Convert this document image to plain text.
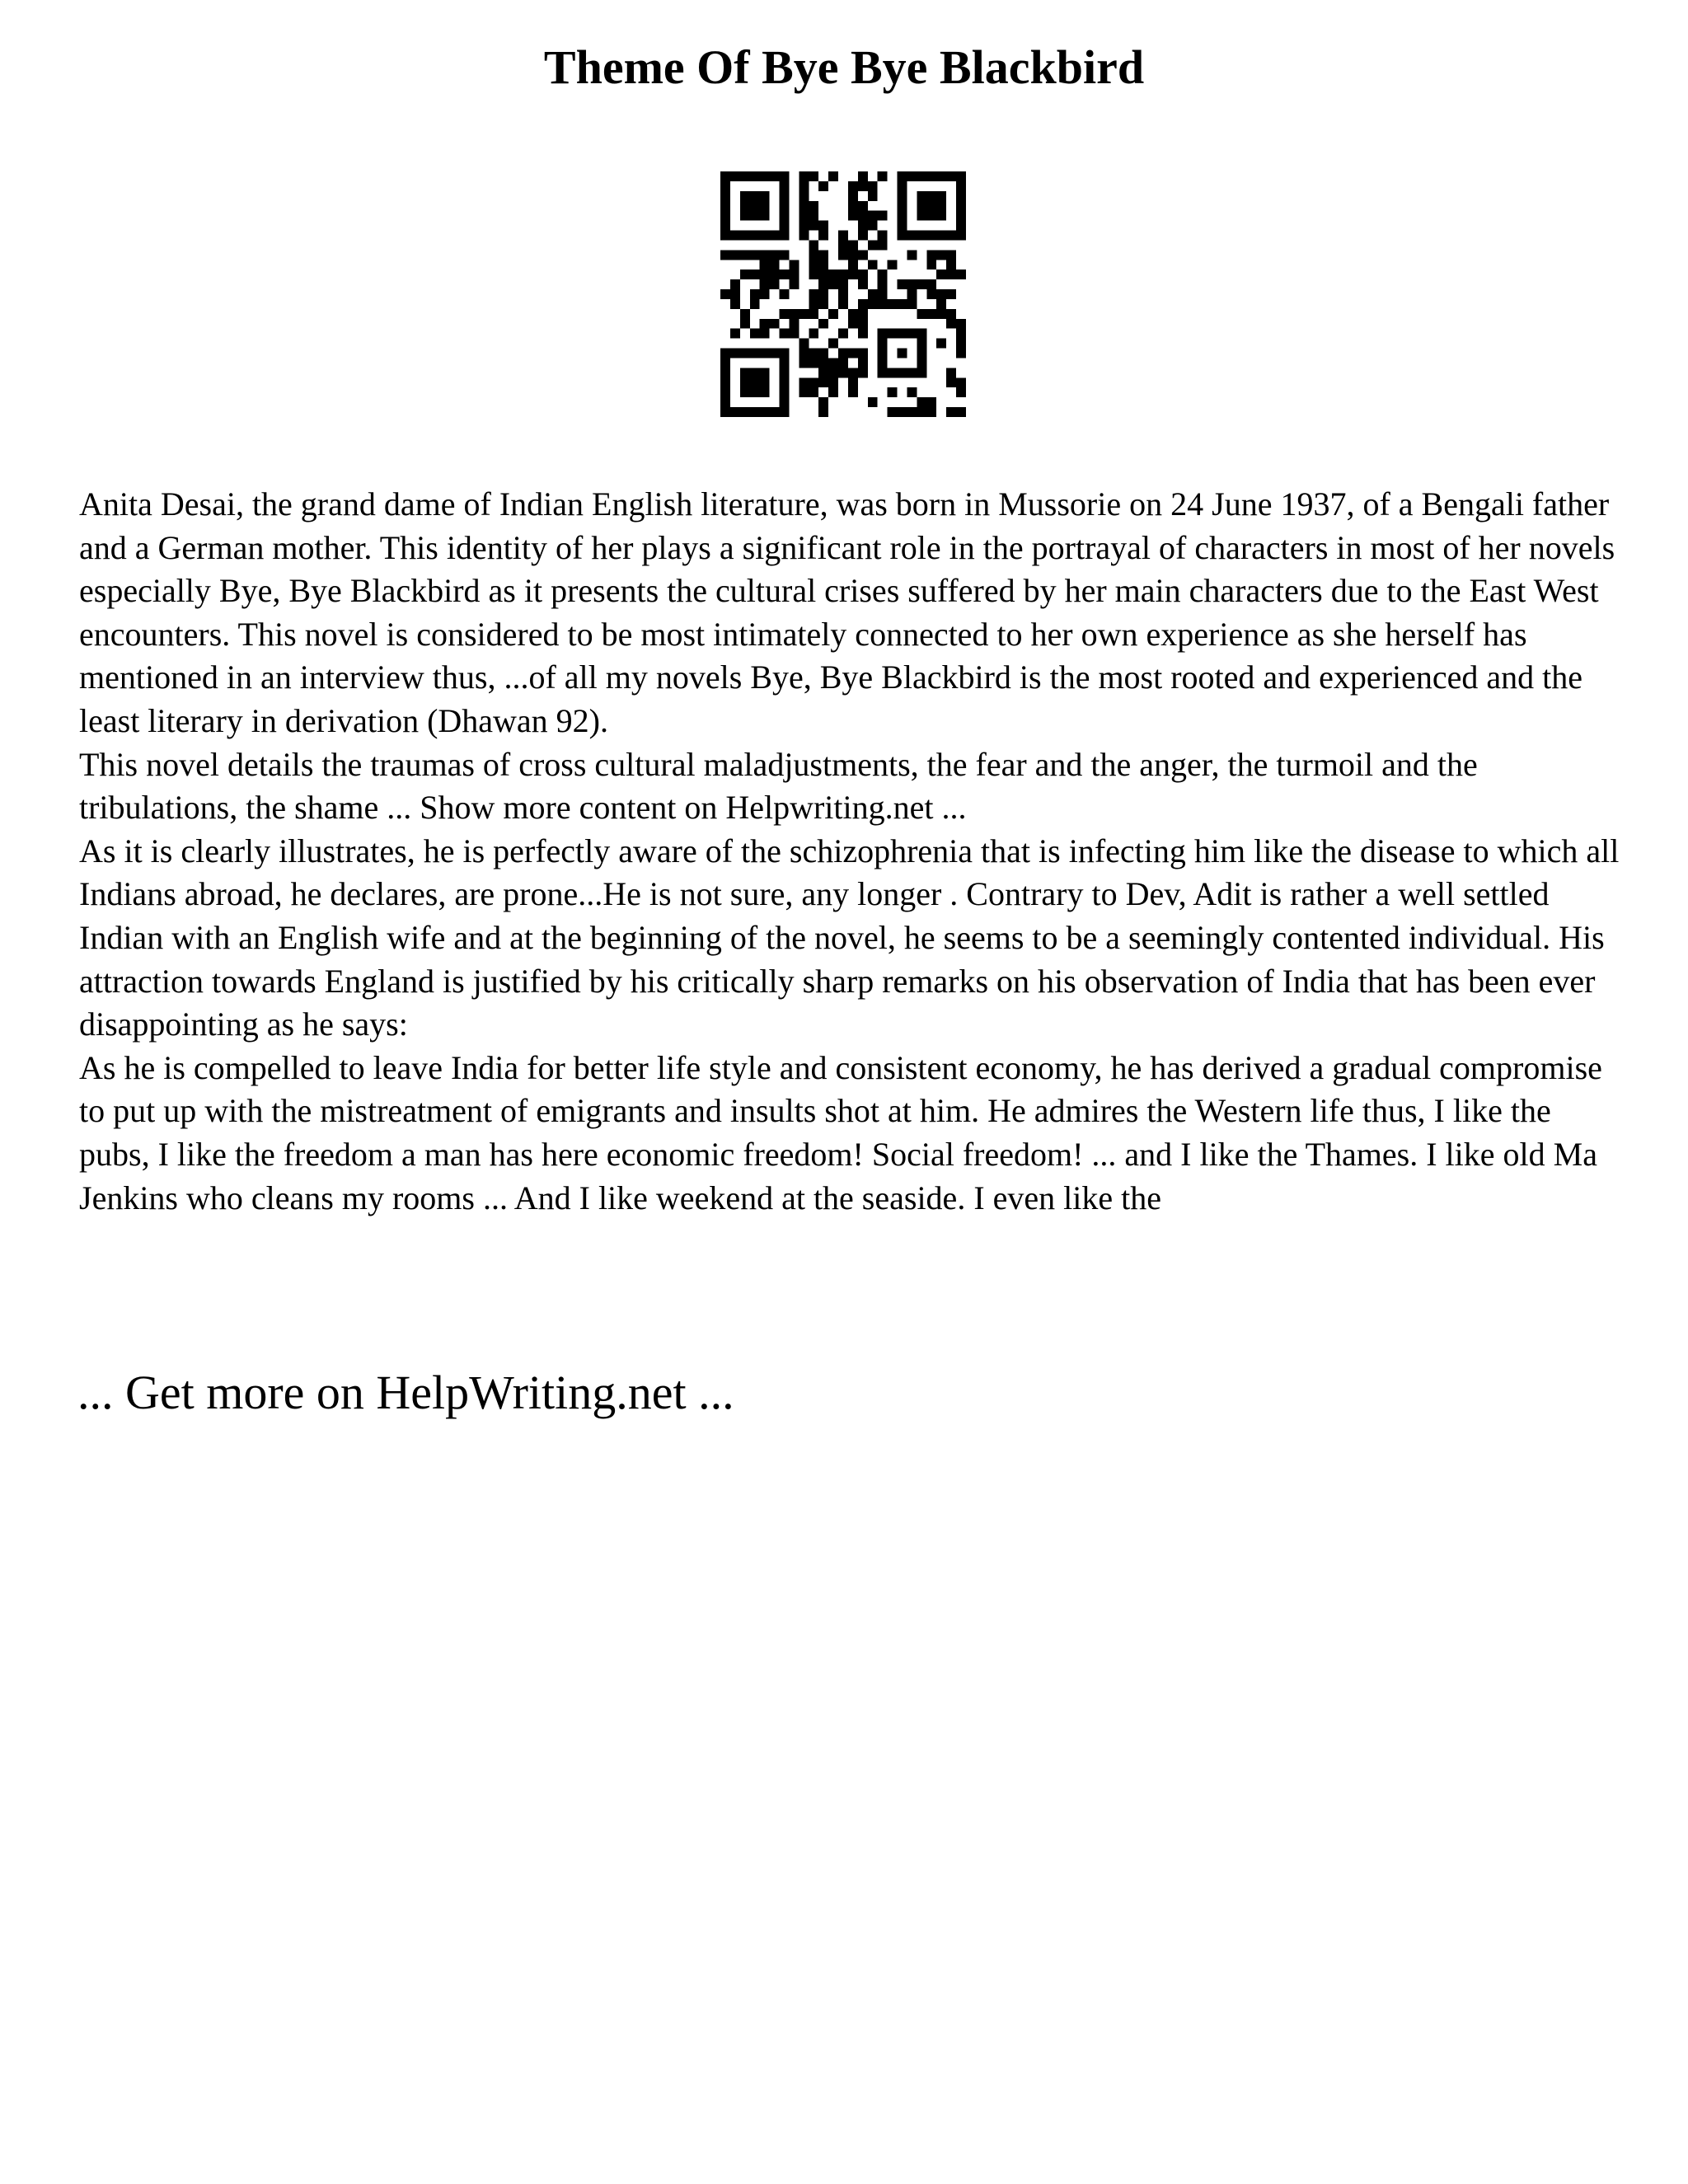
Theme Of Bye Bye Blackbird

Anita Desai, the grand dame of Indian English literature, was born in Mussorie on 24 June 1937, of a Bengali father and a German mother. This identity of her plays a significant role in the portrayal of characters in most of her novels especially Bye, Bye Blackbird as it presents the cultural crises suffered by her main characters due to the East West encounters. This novel is considered to be most intimately connected to her own experience as she herself has mentioned in an interview thus, ...of all my novels Bye, Bye Blackbird is the most rooted and experienced and the least literary in derivation (Dhawan 92).

This novel details the traumas of cross cultural maladjustments, the fear and the anger, the turmoil and the tribulations, the shame ... Show more content on Helpwriting.net ...

As it is clearly illustrates, he is perfectly aware of the schizophrenia that is infecting him like the disease to which all Indians abroad, he declares, are prone...He is not sure, any longer . Contrary to Dev, Adit is rather a well settled Indian with an English wife and at the beginning of the novel, he seems to be a seemingly contented individual. His attraction towards England is justified by his critically sharp remarks on his observation of India that has been ever disappointing as he says:

As he is compelled to leave India for better life style and consistent economy, he has derived a gradual compromise to put up with the mistreatment of emigrants and insults shot at him. He admires the Western life thus, I like the pubs, I like the freedom a man has here economic freedom! Social freedom! ... and I like the Thames. I like old Ma Jenkins who cleans my rooms ... And I like weekend at the seaside. I even like the

... Get more on HelpWriting.net ...
